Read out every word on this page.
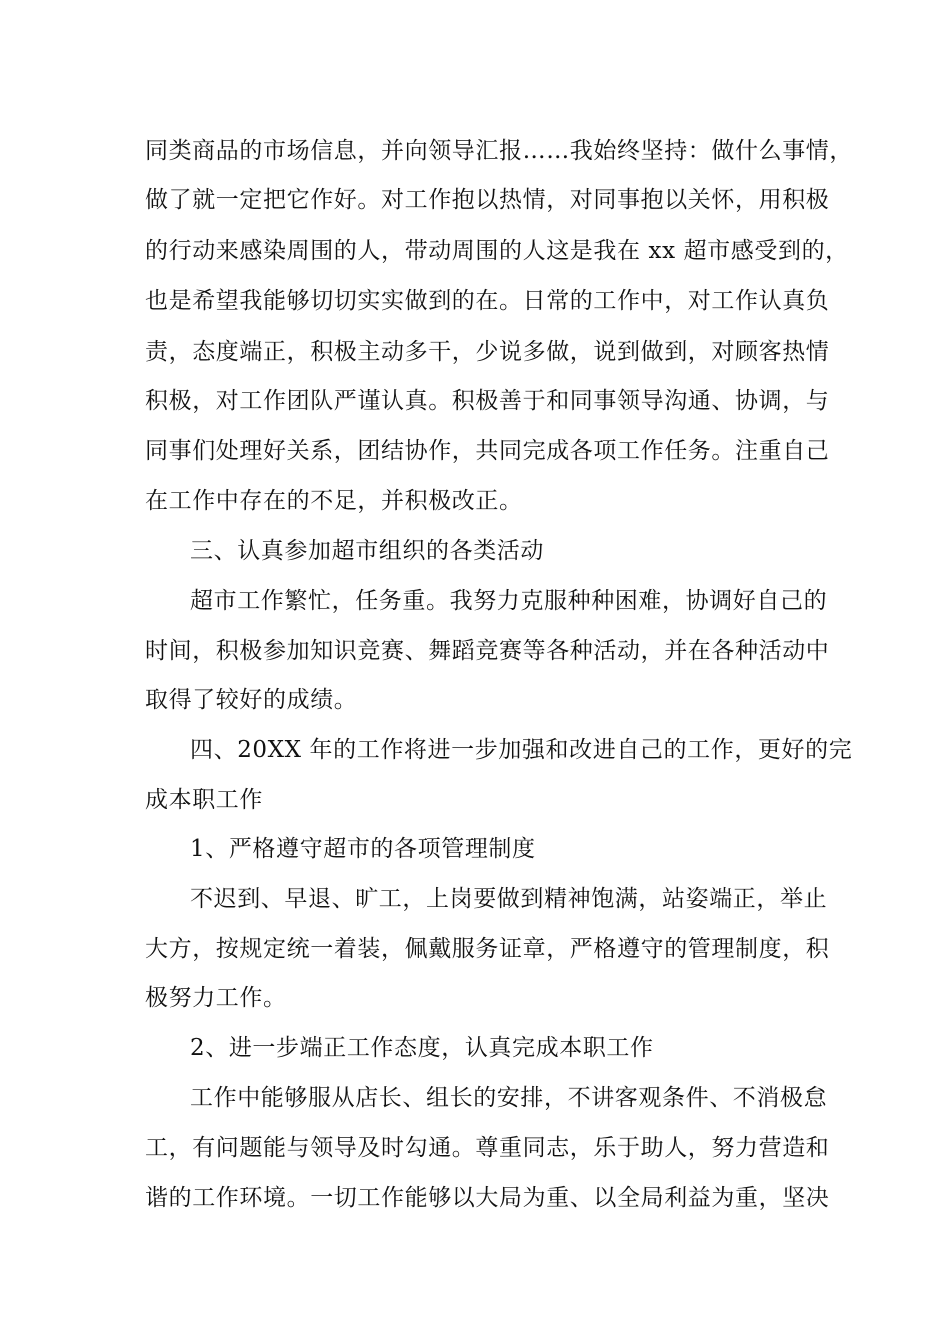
同类商品的市场信息，并向领导汇报……我始终坚持：做什么事情，
做了就一定把它作好。对工作抱以热情，对同事抱以关怀，用积极
的行动来感染周围的人，带动周围的人这是我在 xx 超市感受到的，
也是希望我能够切切实实做到的在。日常的工作中，对工作认真负
责，态度端正，积极主动多干，少说多做，说到做到，对顾客热情
积极，对工作团队严谨认真。积极善于和同事领导沟通、协调，与
同事们处理好关系，团结协作，共同完成各项工作任务。注重自己
在工作中存在的不足，并积极改正。
三、认真参加超市组织的各类活动
超市工作繁忙，任务重。我努力克服种种困难，协调好自己的
时间，积极参加知识竞赛、舞蹈竞赛等各种活动，并在各种活动中
取得了较好的成绩。
四、20XX 年的工作将进一步加强和改进自己的工作，更好的完
成本职工作
1、严格遵守超市的各项管理制度
不迟到、早退、旷工，上岗要做到精神饱满，站姿端正，举止
大方，按规定统一着装，佩戴服务证章，严格遵守的管理制度，积
极努力工作。
2、进一步端正工作态度，认真完成本职工作
工作中能够服从店长、组长的安排，不讲客观条件、不消极怠
工，有问题能与领导及时勾通。尊重同志，乐于助人，努力营造和
谐的工作环境。一切工作能够以大局为重、以全局利益为重，坚决
